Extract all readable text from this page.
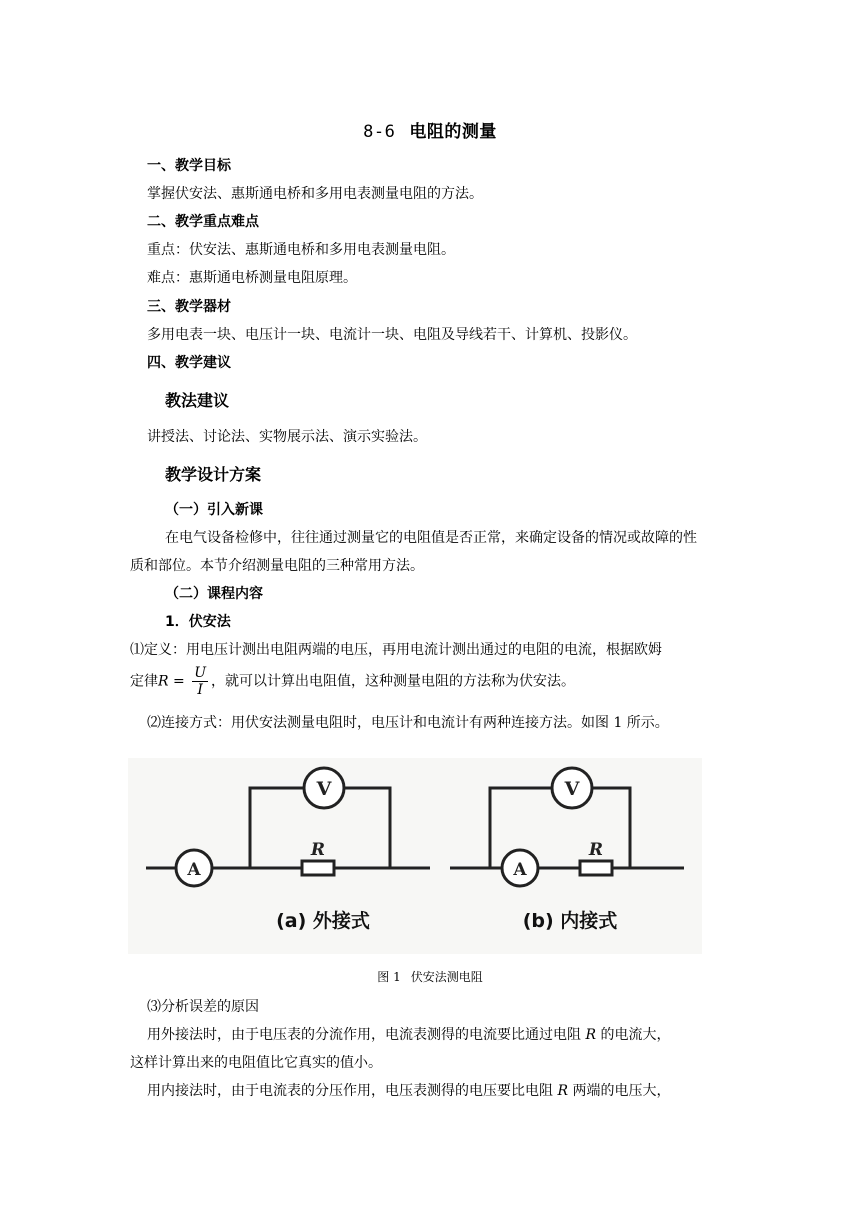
8-6 电阻的测量
一、教学目标
掌握伏安法、惠斯通电桥和多用电表测量电阻的方法。
二、教学重点难点
重点：伏安法、惠斯通电桥和多用电表测量电阻。
难点：惠斯通电桥测量电阻原理。
三、教学器材
多用电表一块、电压计一块、电流计一块、电阻及导线若干、计算机、投影仪。
四、教学建议
教法建议
讲授法、讨论法、实物展示法、演示实验法。
教学设计方案
（一）引入新课
在电气设备检修中，往往通过测量它的电阻值是否正常，来确定设备的情况或故障的性
质和部位。本节介绍测量电阻的三种常用方法。
（二）课程内容
1．伏安法
⑴定义：用电压计测出电阻两端的电压，再用电流计测出通过的电阻的电流，根据欧姆
定律$R = \frac{U}{I}$ ，就可以计算出电阻值，这种测量电阻的方法称为伏安法。
⑵连接方式：用伏安法测量电阻时，电压计和电流计有两种连接方法。如图 1 所示。
V
A
R
(a) 外接式
V
A
R
(b) 内接式
图 1 伏安法测电阻
⑶分析误差的原因
用外接法时，由于电压表的分流作用，电流表测得的电流要比通过电阻 R 的电流大，
这样计算出来的电阻值比它真实的值小。
用内接法时，由于电流表的分压作用，电压表测得的电压要比电阻 R 两端的电压大，
